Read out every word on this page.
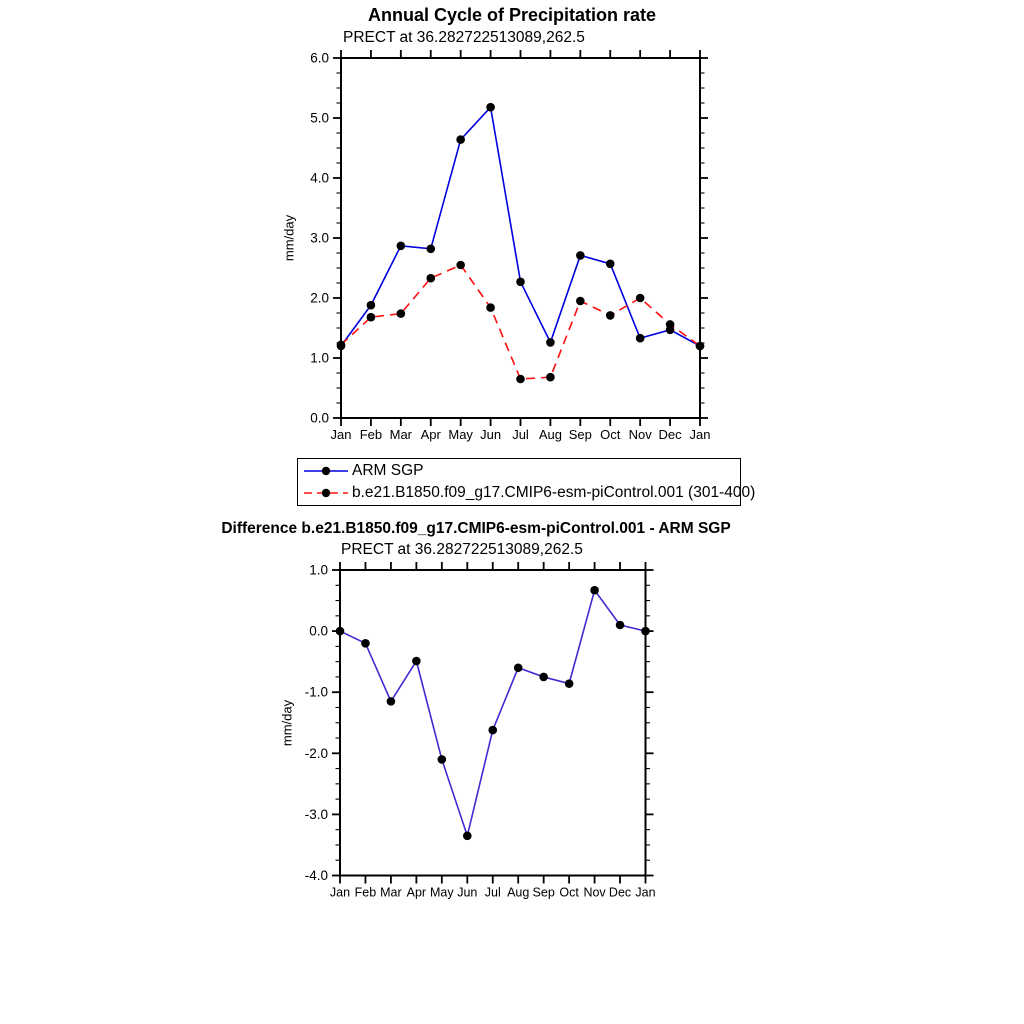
0.0
1.0
2.0
3.0
4.0
5.0
6.0
Jan Feb Mar Apr May Jun Jul Aug Sep Oct Nov Dec Jan
-4.0
-3.0
-2.0
-1.0
0.0
1.0
Jan Feb Mar Apr May Jun Jul Aug Sep Oct Nov Dec Jan
Annual Cycle of Precipitation rate
PRECT at 36.282722513089,262.5
mm/day
ARM SGP
b.e21.B1850.f09_g17.CMIP6-esm-piControl.001 (301-400)
Difference b.e21.B1850.f09_g17.CMIP6-esm-piControl.001 - ARM SGP
PRECT at 36.282722513089,262.5
mm/day
